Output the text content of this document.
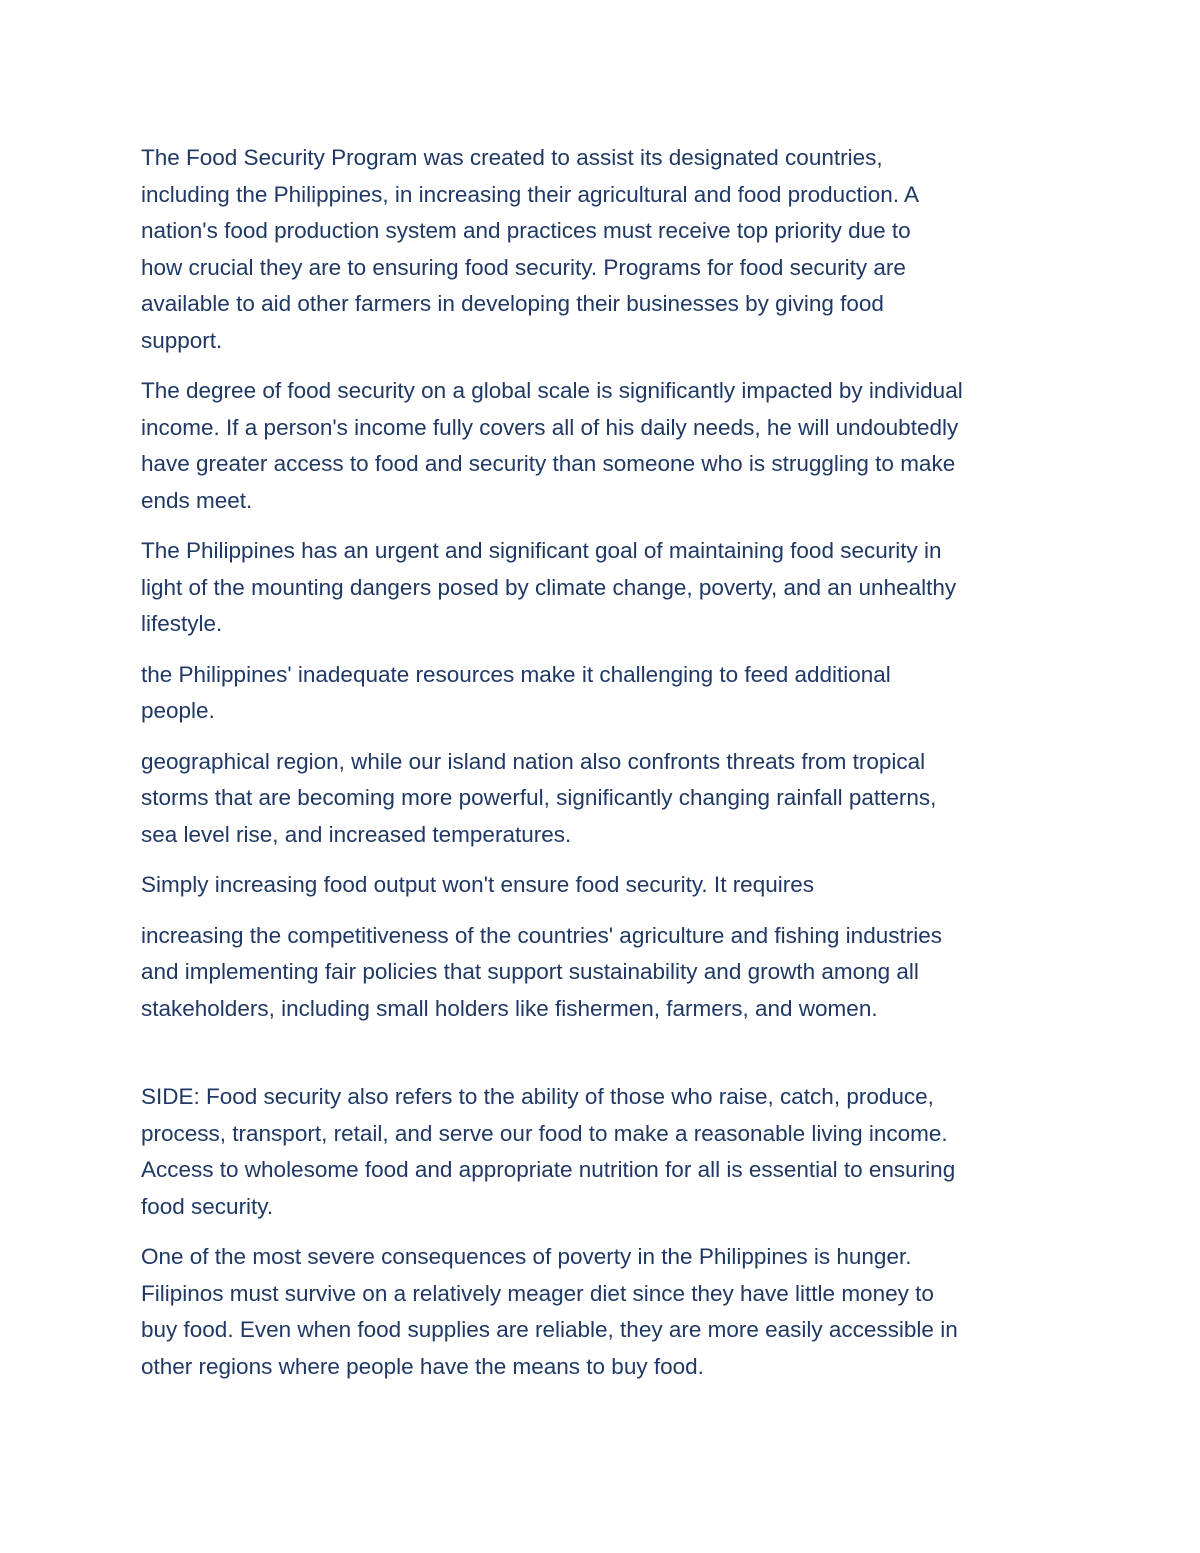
The Food Security Program was created to assist its designated countries,
including the Philippines, in increasing their agricultural and food production. A
nation's food production system and practices must receive top priority due to
how crucial they are to ensuring food security. Programs for food security are
available to aid other farmers in developing their businesses by giving food
support.

The degree of food security on a global scale is significantly impacted by individual
income. If a person's income fully covers all of his daily needs, he will undoubtedly
have greater access to food and security than someone who is struggling to make
ends meet.

The Philippines has an urgent and significant goal of maintaining food security in
light of the mounting dangers posed by climate change, poverty, and an unhealthy
lifestyle.

the Philippines' inadequate resources make it challenging to feed additional
people.

geographical region, while our island nation also confronts threats from tropical
storms that are becoming more powerful, significantly changing rainfall patterns,
sea level rise, and increased temperatures.

Simply increasing food output won't ensure food security. It requires

increasing the competitiveness of the countries' agriculture and fishing industries
and implementing fair policies that support sustainability and growth among all
stakeholders, including small holders like fishermen, farmers, and women.

SIDE: Food security also refers to the ability of those who raise, catch, produce,
process, transport, retail, and serve our food to make a reasonable living income.
Access to wholesome food and appropriate nutrition for all is essential to ensuring
food security.

One of the most severe consequences of poverty in the Philippines is hunger.
Filipinos must survive on a relatively meager diet since they have little money to
buy food. Even when food supplies are reliable, they are more easily accessible in
other regions where people have the means to buy food.
